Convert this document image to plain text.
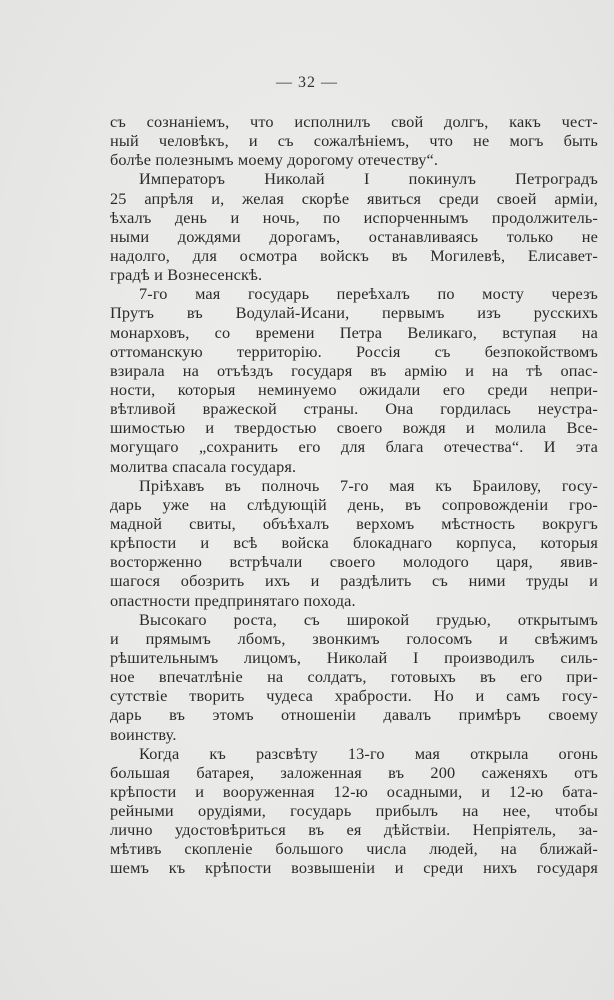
— 32 —
съ сознаніемъ, что исполнилъ свой долгъ, какъ чест-
ный человѣкъ, и съ сожалѣніемъ, что не могъ быть
болѣе полезнымъ моему дорогому отечеству“.
Императоръ Николай I покинулъ Петроградъ
25 апрѣля и, желая скорѣе явиться среди своей арміи,
ѣхалъ день и ночь, по испорченнымъ продолжитель-
ными дождями дорогамъ, останавливаясь только не
надолго, для осмотра войскъ въ Могилевѣ, Елисавет-
градѣ и Вознесенскѣ.
7-го мая государь переѣхалъ по мосту черезъ
Прутъ въ Водулай-Исани, первымъ изъ русскихъ
монарховъ, со времени Петра Великаго, вступая на
оттоманскую территорію. Россія съ безпокойствомъ
взирала на отъѣздъ государя въ армію и на тѣ опас-
ности, которыя неминуемо ожидали его среди непри-
вѣтливой вражеской страны. Она гордилась неустра-
шимостью и твердостью своего вождя и молила Все-
могущаго „сохранить его для блага отечества“. И эта
молитва спасала государя.
Пріѣхавъ въ полночь 7-го мая къ Браилову, госу-
дарь уже на слѣдующій день, въ сопровожденіи гро-
мадной свиты, объѣхалъ верхомъ мѣстность вокругъ
крѣпости и всѣ войска блокаднаго корпуса, которыя
восторженно встрѣчали своего молодого царя, явив-
шагося обозрить ихъ и раздѣлить съ ними труды и
опастности предпринятаго похода.
Высокаго роста, съ широкой грудью, открытымъ
и прямымъ лбомъ, звонкимъ голосомъ и свѣжимъ
рѣшительнымъ лицомъ, Николай I производилъ силь-
ное впечатлѣніе на солдатъ, готовыхъ въ его при-
сутствіе творить чудеса храбрости. Но и самъ госу-
дарь въ этомъ отношеніи давалъ примѣръ своему
воинству.
Когда къ разсвѣту 13-го мая открыла огонь
большая батарея, заложенная въ 200 саженяхъ отъ
крѣпости и вооруженная 12-ю осадными, и 12-ю бата-
рейными орудіями, государь прибылъ на нее, чтобы
лично удостовѣриться въ ея дѣйствіи. Непріятель, за-
мѣтивъ скопленіе большого числа людей, на ближай-
шемъ къ крѣпости возвышеніи и среди нихъ государя
